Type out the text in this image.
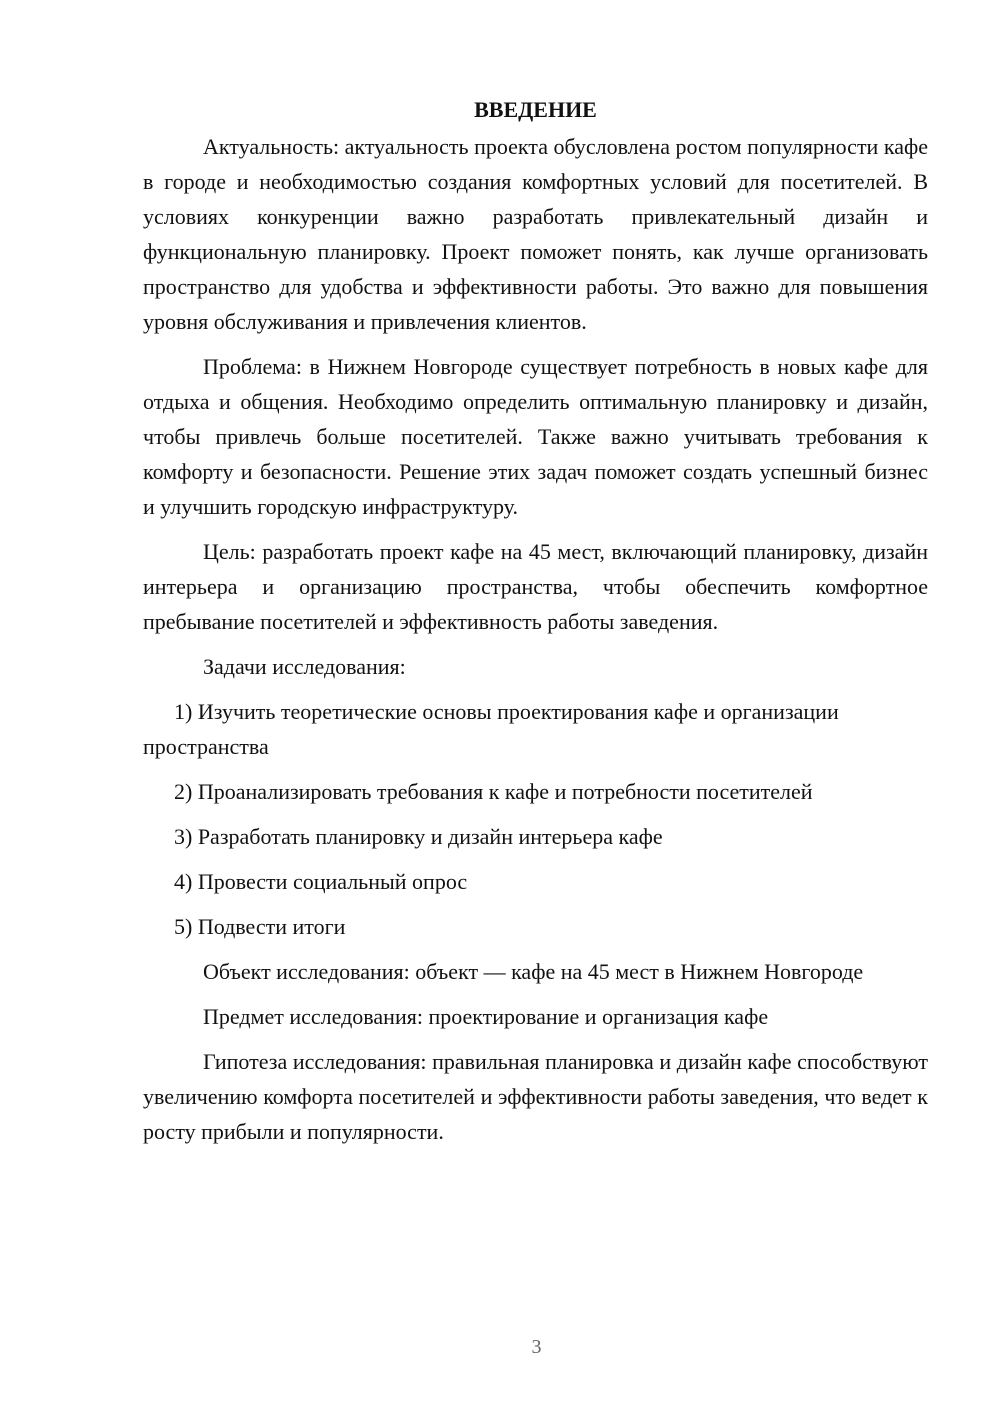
ВВЕДЕНИЕ

Актуальность: актуальность проекта обусловлена ростом популярности кафе в городе и необходимостью создания комфортных условий для посетителей. В условиях конкуренции важно разработать привлекательный дизайн и функциональную планировку. Проект поможет понять, как лучше организовать пространство для удобства и эффективности работы. Это важно для повышения уровня обслуживания и привлечения клиентов.

Проблема: в Нижнем Новгороде существует потребность в новых кафе для отдыха и общения. Необходимо определить оптимальную планировку и дизайн, чтобы привлечь больше посетителей. Также важно учитывать требования к комфорту и безопасности. Решение этих задач поможет создать успешный бизнес и улучшить городскую инфраструктуру.

Цель: разработать проект кафе на 45 мест, включающий планировку, дизайн интерьера и организацию пространства, чтобы обеспечить комфортное пребывание посетителей и эффективность работы заведения.

Задачи исследования:

1) Изучить теоретические основы проектирования кафе и организации пространства

2) Проанализировать требования к кафе и потребности посетителей

3) Разработать планировку и дизайн интерьера кафе

4) Провести социальный опрос

5) Подвести итоги

Объект исследования: объект — кафе на 45 мест в Нижнем Новгороде

Предмет исследования: проектирование и организация кафе

Гипотеза исследования: правильная планировка и дизайн кафе способствуют увеличению комфорта посетителей и эффективности работы заведения, что ведет к росту прибыли и популярности.

3
